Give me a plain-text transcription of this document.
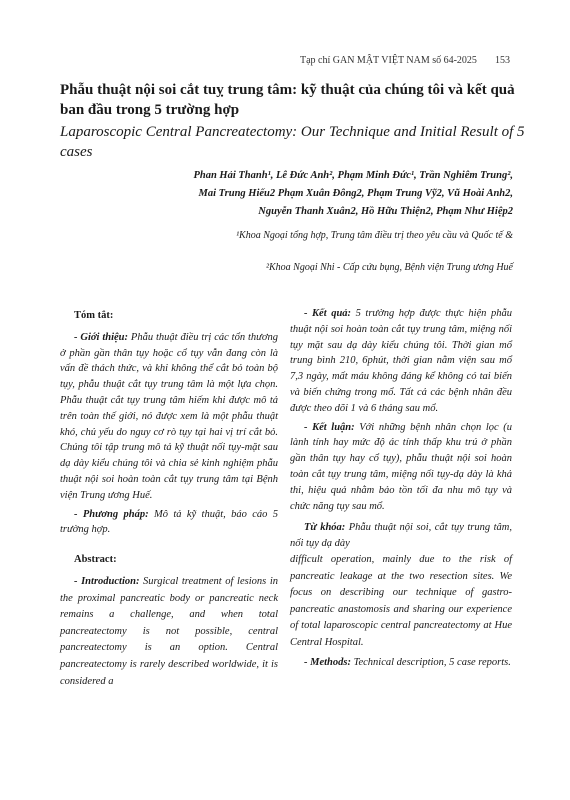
Tạp chí GAN MẬT VIỆT NAM số 64-2025 153
Phẫu thuật nội soi cắt tuỵ trung tâm: kỹ thuật của chúng tôi và kết quả ban đầu trong 5 trường hợp
Laparoscopic Central Pancreatectomy: Our Technique and Initial Result of 5 cases
Phan Hải Thanh¹, Lê Đức Anh², Phạm Minh Đức¹, Trần Nghiêm Trung²,
Mai Trung Hiếu2 Phạm Xuân Đông2, Phạm Trung Vỹ2, Vũ Hoài Anh2,
Nguyễn Thanh Xuân2, Hồ Hữu Thiện2, Phạm Như Hiệp2
¹Khoa Ngoại tổng hợp, Trung tâm điều trị theo yêu cầu và Quốc tế &
²Khoa Ngoại Nhi - Cấp cứu bụng, Bệnh viện Trung ương Huế

Tóm tắt:

- Giới thiệu: Phẫu thuật điều trị các tổn thương ở phần gần thân tụy hoặc cổ tụy vẫn đang còn là vấn đề thách thức, và khi không thể cắt bỏ toàn bộ tụy, phẫu thuật cắt tụy trung tâm là một lựa chọn. Phẫu thuật cắt tụy trung tâm hiếm khi được mô tả trên toàn thế giới, nó được xem là một phẫu thuật khó, chủ yếu do nguy cơ rò tụy tại hai vị trí cắt bỏ. Chúng tôi tập trung mô tả kỹ thuật nối tụy-mặt sau dạ dày kiểu chúng tôi và chia sẻ kinh nghiệm phẫu thuật nội soi hoàn toàn cắt tụy trung tâm tại Bệnh viện Trung ương Huế.

- Phương pháp: Mô tả kỹ thuật, báo cáo 5 trường hợp.

Abstract:

- Introduction: Surgical treatment of lesions in the proximal pancreatic body or pancreatic neck remains a challenge, and when total pancreatectomy is not possible, central pancreatectomy is an option. Central pancreatectomy is rarely described worldwide, it is considered a

- Kết quả: 5 trường hợp được thực hiện phẫu thuật nội soi hoàn toàn cắt tụy trung tâm, miệng nối tụy mặt sau dạ dày kiểu chúng tôi. Thời gian mổ trung bình 210, 6phút, thời gian nằm viện sau mổ 7,3 ngày, mất máu không đáng kể không có tai biến và biến chứng trong mổ. Tất cả các bệnh nhân đều được theo dõi 1 và 6 tháng sau mổ.

- Kết luận: Với những bệnh nhân chọn lọc (u lành tính hay mức độ ác tính thấp khu trú ở phần gần thân tụy hay cổ tụy), phẫu thuật nội soi hoàn toàn cắt tụy trung tâm, miệng nối tụy-dạ dày là khả thi, hiệu quả nhằm bảo tồn tối đa nhu mô tụy và chức năng tụy sau mổ.

Từ khóa: Phẫu thuật nội soi, cắt tụy trung tâm, nối tụy dạ dày

difficult operation, mainly due to the risk of pancreatic leakage at the two resection sites. We focus on describing our technique of gastro-pancreatic anastomosis and sharing our experience of total laparoscopic central pancreatectomy at Hue Central Hospital.

- Methods: Technical description, 5 case reports.
